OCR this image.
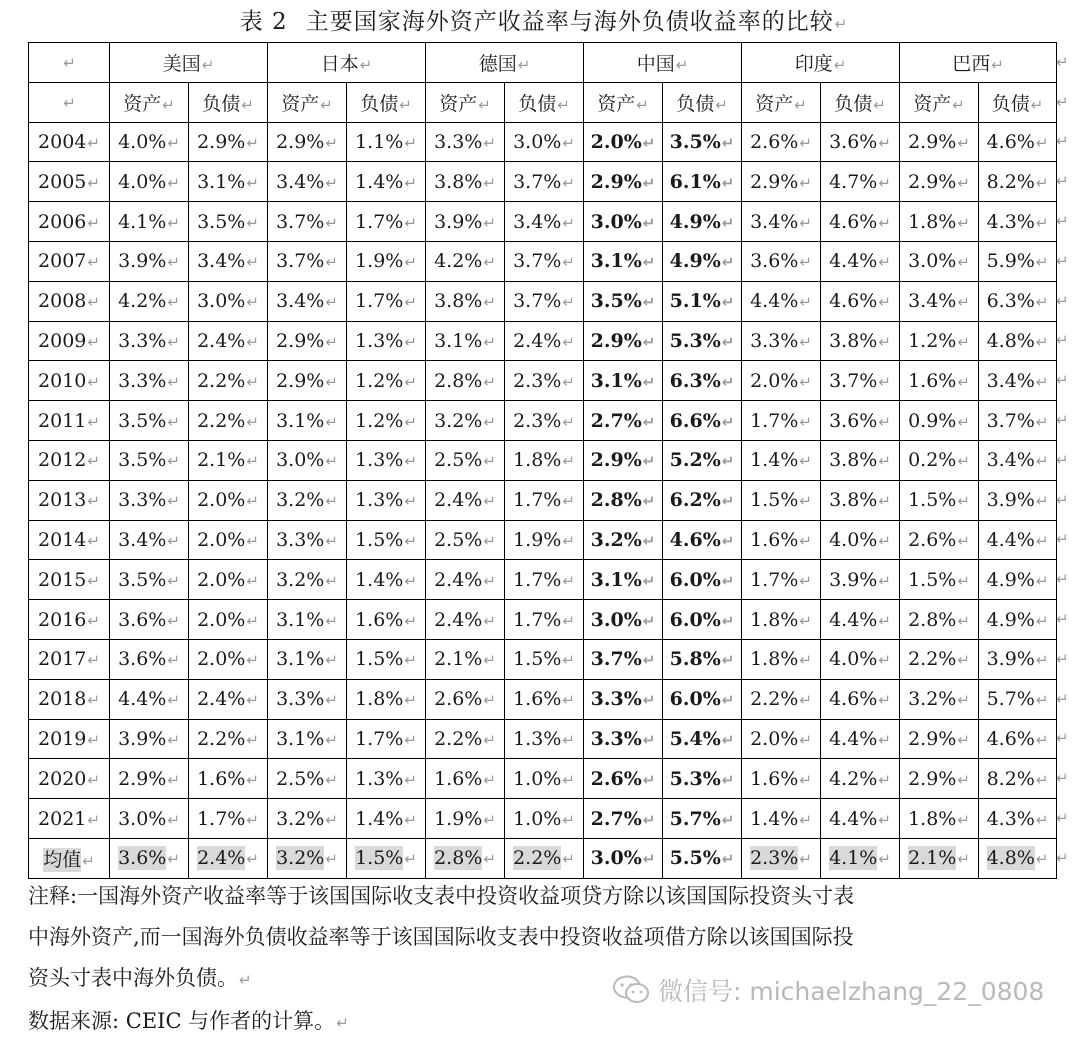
表 2 主要国家海外资产收益率与海外负债收益率的比较↵
↵	美国↵		日本↵		德国↵		中国↵		印度↵		巴西↵	
↵	资产↵	负债↵	资产↵	负债↵	资产↵	负债↵	资产↵	负债↵	资产↵	负债↵	资产↵	负债↵
2004↵	4.0%↵	2.9%↵	2.9%↵	1.1%↵	3.3%↵	3.0%↵	2.0%↵	3.5%↵	2.6%↵	3.6%↵	2.9%↵	4.6%↵
2005↵	4.0%↵	3.1%↵	3.4%↵	1.4%↵	3.8%↵	3.7%↵	2.9%↵	6.1%↵	2.9%↵	4.7%↵	2.9%↵	8.2%↵
2006↵	4.1%↵	3.5%↵	3.7%↵	1.7%↵	3.9%↵	3.4%↵	3.0%↵	4.9%↵	3.4%↵	4.6%↵	1.8%↵	4.3%↵
2007↵	3.9%↵	3.4%↵	3.7%↵	1.9%↵	4.2%↵	3.7%↵	3.1%↵	4.9%↵	3.6%↵	4.4%↵	3.0%↵	5.9%↵
2008↵	4.2%↵	3.0%↵	3.4%↵	1.7%↵	3.8%↵	3.7%↵	3.5%↵	5.1%↵	4.4%↵	4.6%↵	3.4%↵	6.3%↵
2009↵	3.3%↵	2.4%↵	2.9%↵	1.3%↵	3.1%↵	2.4%↵	2.9%↵	5.3%↵	3.3%↵	3.8%↵	1.2%↵	4.8%↵
2010↵	3.3%↵	2.2%↵	2.9%↵	1.2%↵	2.8%↵	2.3%↵	3.1%↵	6.3%↵	2.0%↵	3.7%↵	1.6%↵	3.4%↵
2011↵	3.5%↵	2.2%↵	3.1%↵	1.2%↵	3.2%↵	2.3%↵	2.7%↵	6.6%↵	1.7%↵	3.6%↵	0.9%↵	3.7%↵
2012↵	3.5%↵	2.1%↵	3.0%↵	1.3%↵	2.5%↵	1.8%↵	2.9%↵	5.2%↵	1.4%↵	3.8%↵	0.2%↵	3.4%↵
2013↵	3.3%↵	2.0%↵	3.2%↵	1.3%↵	2.4%↵	1.7%↵	2.8%↵	6.2%↵	1.5%↵	3.8%↵	1.5%↵	3.9%↵
2014↵	3.4%↵	2.0%↵	3.3%↵	1.5%↵	2.5%↵	1.9%↵	3.2%↵	4.6%↵	1.6%↵	4.0%↵	2.6%↵	4.4%↵
2015↵	3.5%↵	2.0%↵	3.2%↵	1.4%↵	2.4%↵	1.7%↵	3.1%↵	6.0%↵	1.7%↵	3.9%↵	1.5%↵	4.9%↵
2016↵	3.6%↵	2.0%↵	3.1%↵	1.6%↵	2.4%↵	1.7%↵	3.0%↵	6.0%↵	1.8%↵	4.4%↵	2.8%↵	4.9%↵
2017↵	3.6%↵	2.0%↵	3.1%↵	1.5%↵	2.1%↵	1.5%↵	3.7%↵	5.8%↵	1.8%↵	4.0%↵	2.2%↵	3.9%↵
2018↵	4.4%↵	2.4%↵	3.3%↵	1.8%↵	2.6%↵	1.6%↵	3.3%↵	6.0%↵	2.2%↵	4.6%↵	3.2%↵	5.7%↵
2019↵	3.9%↵	2.2%↵	3.1%↵	1.7%↵	2.2%↵	1.3%↵	3.3%↵	5.4%↵	2.0%↵	4.4%↵	2.9%↵	4.6%↵
2020↵	2.9%↵	1.6%↵	2.5%↵	1.3%↵	1.6%↵	1.0%↵	2.6%↵	5.3%↵	1.6%↵	4.2%↵	2.9%↵	8.2%↵
2021↵	3.0%↵	1.7%↵	3.2%↵	1.4%↵	1.9%↵	1.0%↵	2.7%↵	5.7%↵	1.4%↵	4.4%↵	1.8%↵	4.3%↵
均值↵	3.6%↵	2.4%↵	3.2%↵	1.5%↵	2.8%↵	2.2%↵	3.0%↵	5.5%↵	2.3%↵	4.1%↵	2.1%↵	4.8%↵
↵
↵
↵
↵
↵
↵
↵
↵
↵
↵
↵
↵
↵
↵
↵
↵
↵
↵
↵
↵
↵

注释:一国海外资产收益率等于该国国际收支表中投资收益项贷方除以该国国际投资头寸表

中海外资产,而一国海外负债收益率等于该国国际收支表中投资收益项借方除以该国国际投

资头寸表中海外负债。↵

数据来源: CEIC 与作者的计算。↵

微信号: michaelzhang_22_0808
